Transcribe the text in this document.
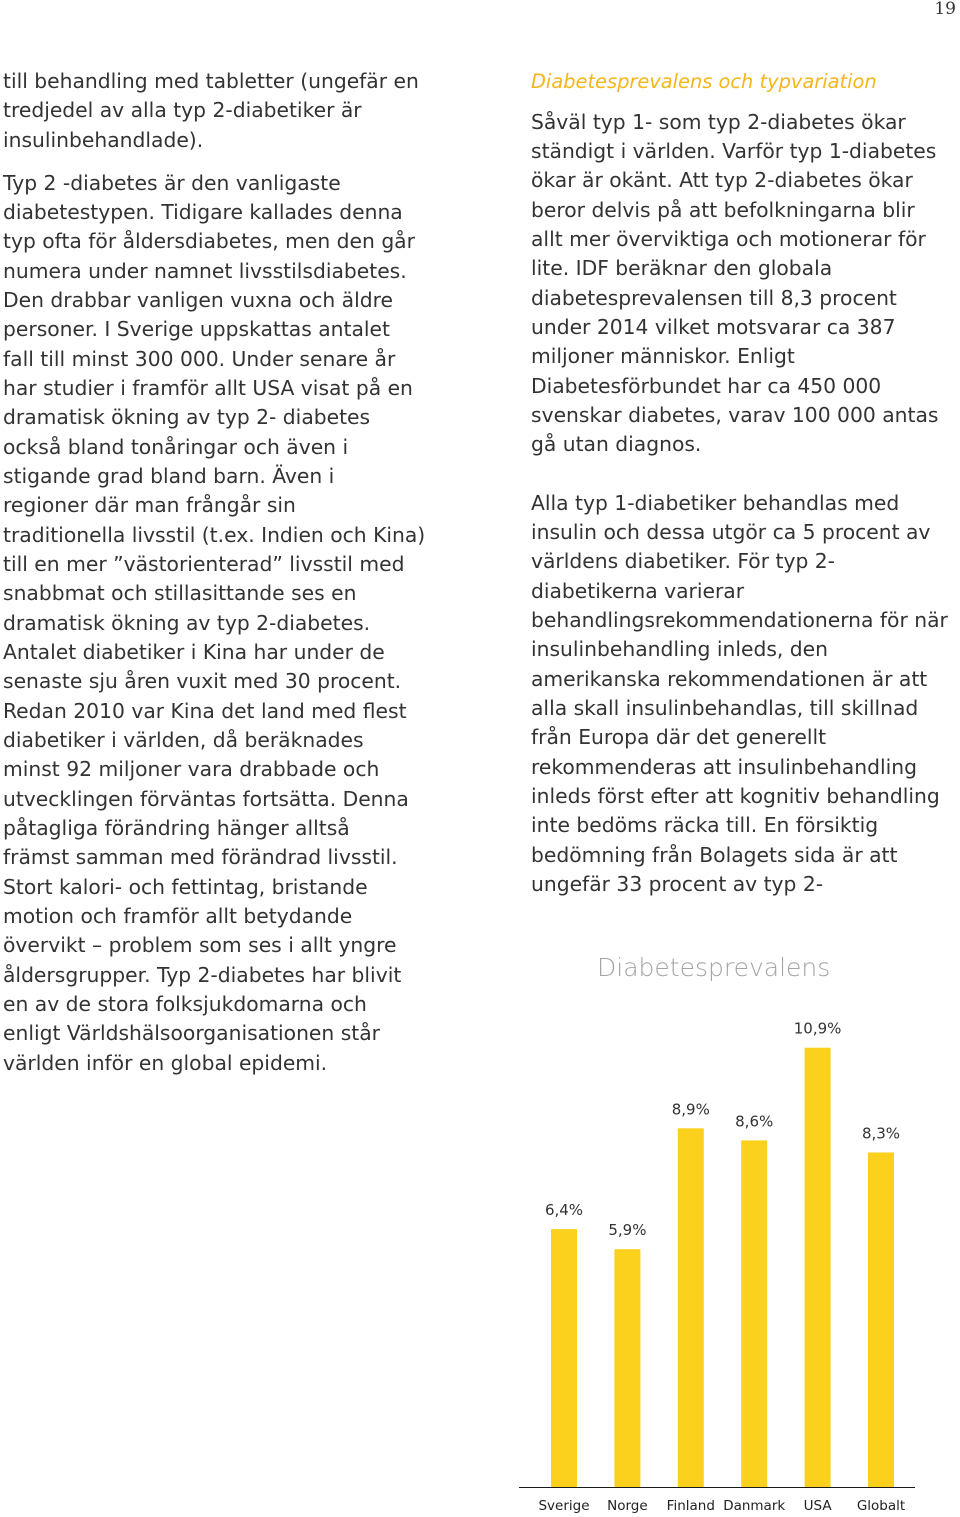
19
till behandling med tabletter (ungefär en
tredjedel av alla typ 2-diabetiker är
insulinbehandlade).
Typ 2 -diabetes är den vanligaste
diabetestypen. Tidigare kallades denna
typ ofta för åldersdiabetes, men den går
numera under namnet livsstilsdiabetes.
Den drabbar vanligen vuxna och äldre
personer. I Sverige uppskattas antalet
fall till minst 300 000. Under senare år
har studier i framför allt USA visat på en
dramatisk ökning av typ 2- diabetes
också bland tonåringar och även i
stigande grad bland barn. Även i
regioner där man frångår sin
traditionella livsstil (t.ex. Indien och Kina)
till en mer ”västorienterad” livsstil med
snabbmat och stillasittande ses en
dramatisk ökning av typ 2-diabetes.
Antalet diabetiker i Kina har under de
senaste sju åren vuxit med 30 procent.
Redan 2010 var Kina det land med flest
diabetiker i världen, då beräknades
minst 92 miljoner vara drabbade och
utvecklingen förväntas fortsätta. Denna
påtagliga förändring hänger alltså
främst samman med förändrad livsstil.
Stort kalori- och fettintag, bristande
motion och framför allt betydande
övervikt – problem som ses i allt yngre
åldersgrupper. Typ 2-diabetes har blivit
en av de stora folksjukdomarna och
enligt Världshälsoorganisationen står
världen inför en global epidemi.
Diabetesprevalens och typvariation
Såväl typ 1- som typ 2-diabetes ökar
ständigt i världen. Varför typ 1-diabetes
ökar är okänt. Att typ 2-diabetes ökar
beror delvis på att befolkningarna blir
allt mer överviktiga och motionerar för
lite. IDF beräknar den globala
diabetesprevalensen till 8,3 procent
under 2014 vilket motsvarar ca 387
miljoner människor. Enligt
Diabetesförbundet har ca 450 000
svenskar diabetes, varav 100 000 antas
gå utan diagnos.
Alla typ 1-diabetiker behandlas med
insulin och dessa utgör ca 5 procent av
världens diabetiker. För typ 2-
diabetikerna varierar
behandlingsrekommendationerna för när
insulinbehandling inleds, den
amerikanska rekommendationen är att
alla skall insulinbehandlas, till skillnad
från Europa där det generellt
rekommenderas att insulinbehandling
inleds först efter att kognitiv behandling
inte bedöms räcka till. En försiktig
bedömning från Bolagets sida är att
ungefär 33 procent av typ 2-
Diabetesprevalens
6,4%
Sverige
5,9%
Norge
8,9%
Finland
8,6%
Danmark
10,9%
USA
8,3%
Globalt
